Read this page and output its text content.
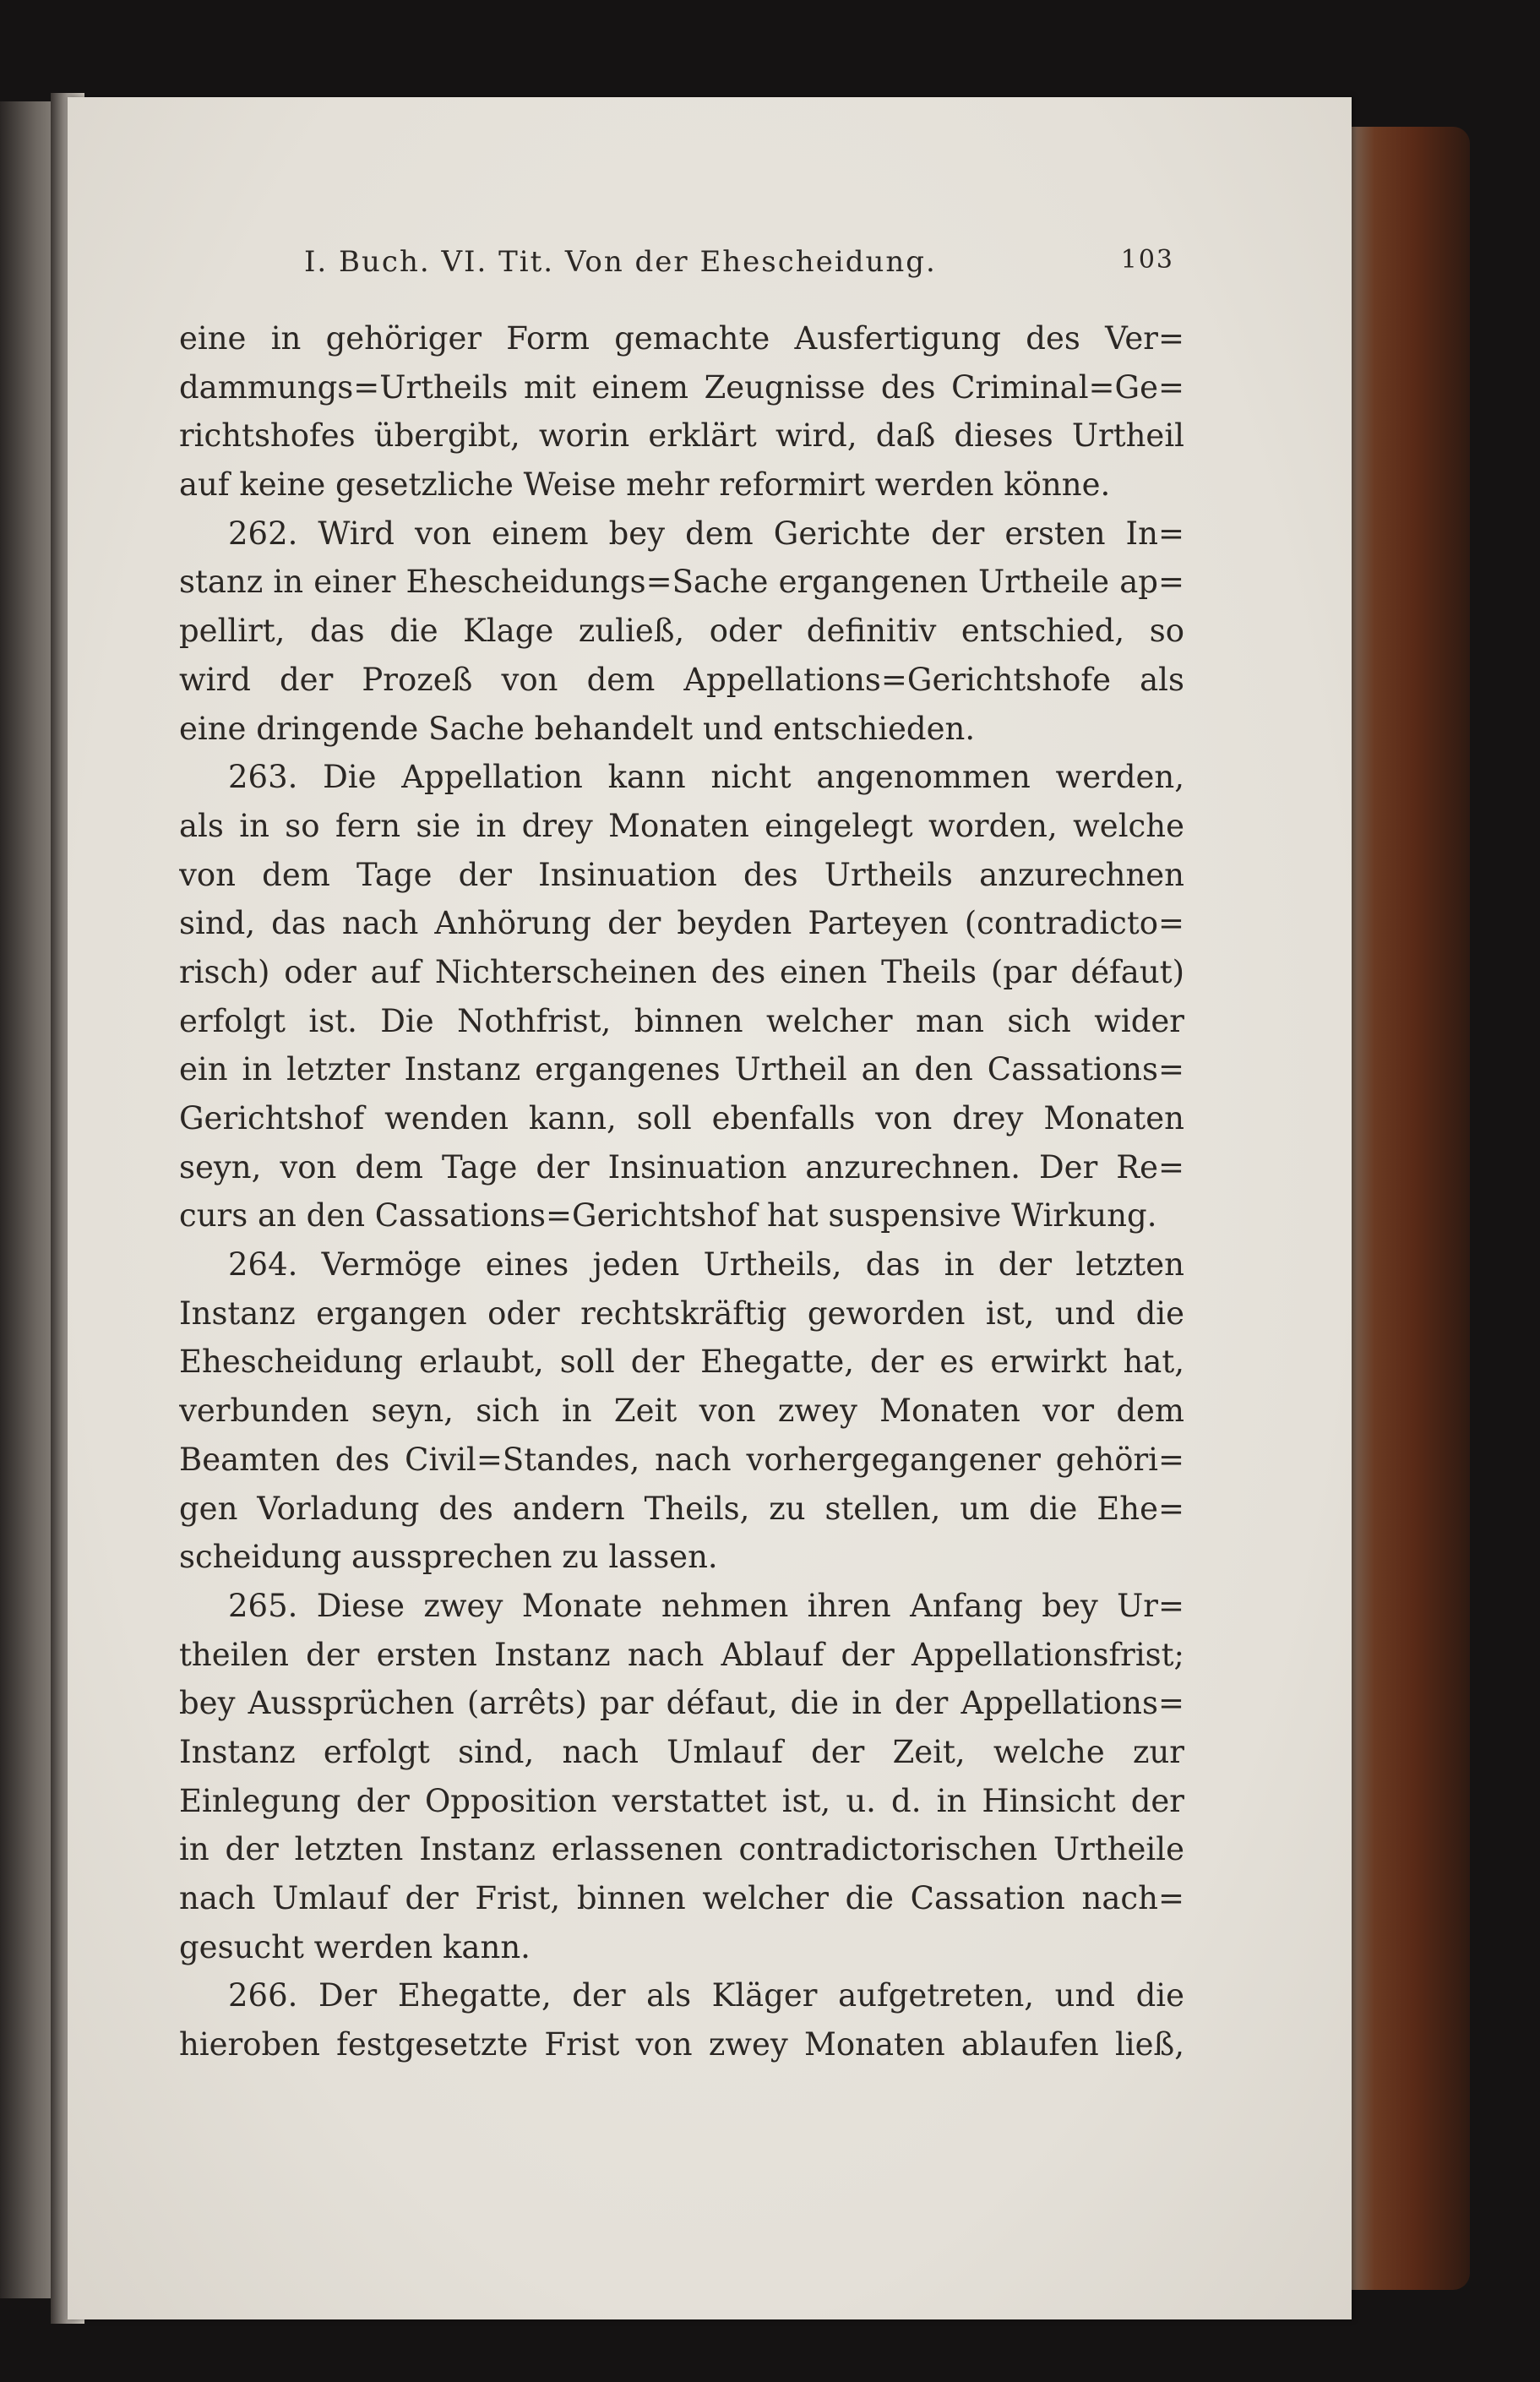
I. Buch. VI. Tit. Von der Ehescheidung.	103
eine in gehöriger Form gemachte Ausfertigung des Ver=
dammungs=Urtheils mit einem Zeugnisse des Criminal=Ge=
richtshofes übergibt, worin erklärt wird, daß dieses Urtheil
auf keine gesetzliche Weise mehr reformirt werden könne.
262. Wird von einem bey dem Gerichte der ersten In=
stanz in einer Ehescheidungs=Sache ergangenen Urtheile ap=
pellirt, das die Klage zuließ, oder definitiv entschied, so
wird der Prozeß von dem Appellations=Gerichtshofe als
eine dringende Sache behandelt und entschieden.
263. Die Appellation kann nicht angenommen werden,
als in so fern sie in drey Monaten eingelegt worden, welche
von dem Tage der Insinuation des Urtheils anzurechnen
sind, das nach Anhörung der beyden Parteyen (contradicto=
risch) oder auf Nichterscheinen des einen Theils (par défaut)
erfolgt ist. Die Nothfrist, binnen welcher man sich wider
ein in letzter Instanz ergangenes Urtheil an den Cassations=
Gerichtshof wenden kann, soll ebenfalls von drey Monaten
seyn, von dem Tage der Insinuation anzurechnen. Der Re=
curs an den Cassations=Gerichtshof hat suspensive Wirkung.
264. Vermöge eines jeden Urtheils, das in der letzten
Instanz ergangen oder rechtskräftig geworden ist, und die
Ehescheidung erlaubt, soll der Ehegatte, der es erwirkt hat,
verbunden seyn, sich in Zeit von zwey Monaten vor dem
Beamten des Civil=Standes, nach vorhergegangener gehöri=
gen Vorladung des andern Theils, zu stellen, um die Ehe=
scheidung aussprechen zu lassen.
265. Diese zwey Monate nehmen ihren Anfang bey Ur=
theilen der ersten Instanz nach Ablauf der Appellationsfrist;
bey Aussprüchen (arrêts) par défaut, die in der Appellations=
Instanz erfolgt sind, nach Umlauf der Zeit, welche zur
Einlegung der Opposition verstattet ist, u. d. in Hinsicht der
in der letzten Instanz erlassenen contradictorischen Urtheile
nach Umlauf der Frist, binnen welcher die Cassation nach=
gesucht werden kann.
266. Der Ehegatte, der als Kläger aufgetreten, und die
hieroben festgesetzte Frist von zwey Monaten ablaufen ließ,
